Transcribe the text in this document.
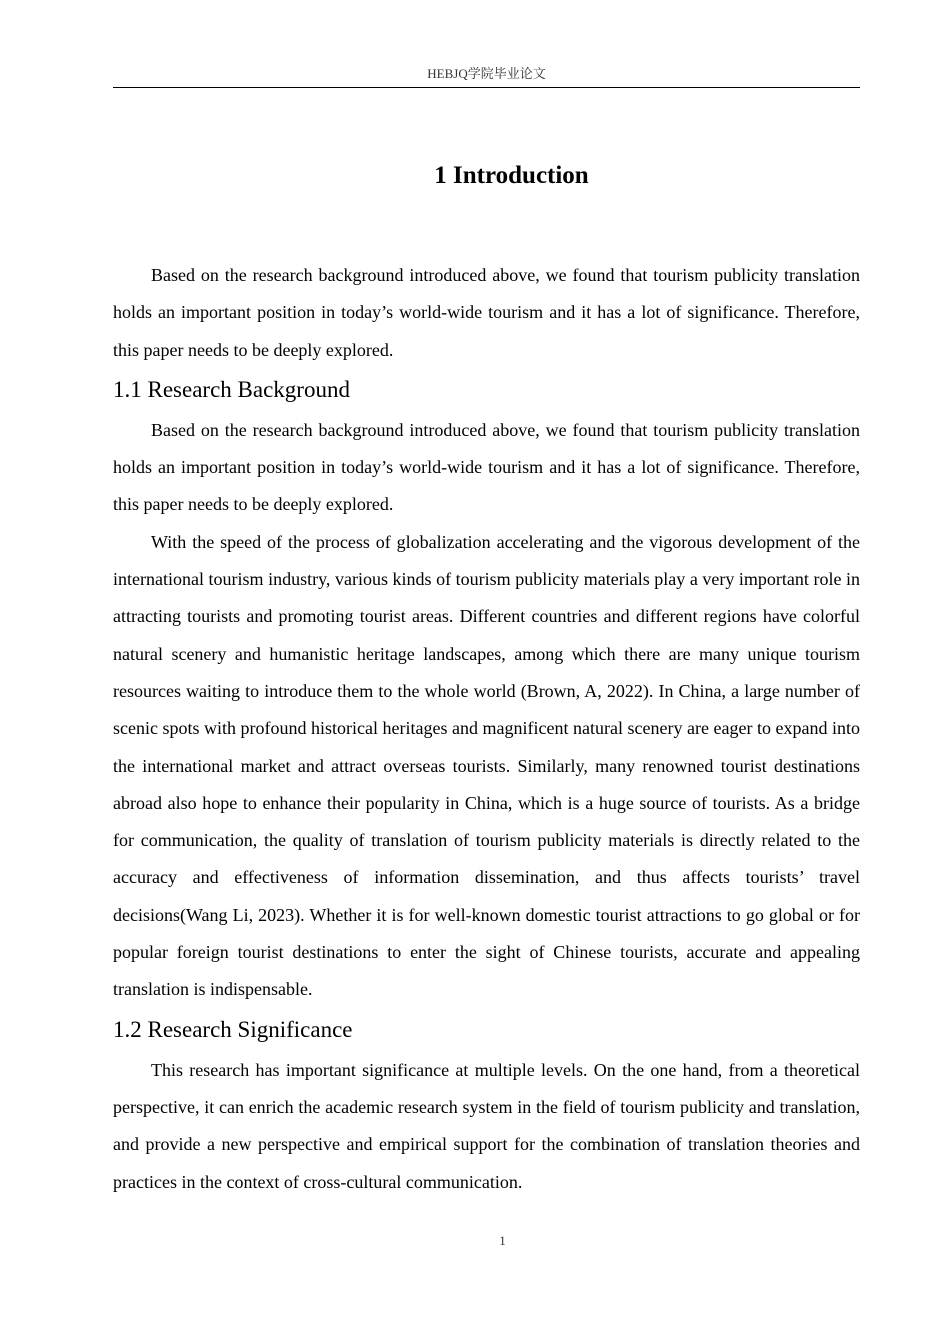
HEBJQ学院毕业论文
1 Introduction

Based on the research background introduced above, we found that tourism publicity translation holds an important position in today’s world-wide tourism and it has a lot of significance. Therefore, this paper needs to be deeply explored.

1.1 Research Background

Based on the research background introduced above, we found that tourism publicity translation holds an important position in today’s world-wide tourism and it has a lot of significance. Therefore, this paper needs to be deeply explored.

With the speed of the process of globalization accelerating and the vigorous development of the international tourism industry, various kinds of tourism publicity materials play a very important role in attracting tourists and promoting tourist areas. Different countries and different regions have colorful natural scenery and humanistic heritage landscapes, among which there are many unique tourism resources waiting to introduce them to the whole world (Brown, A, 2022). In China, a large number of scenic spots with profound historical heritages and magnificent natural scenery are eager to expand into the international market and attract overseas tourists. Similarly, many renowned tourist destinations abroad also hope to enhance their popularity in China, which is a huge source of tourists. As a bridge for communication, the quality of translation of tourism publicity materials is directly related to the accuracy and effectiveness of information dissemination, and thus affects tourists’ travel decisions(Wang Li, 2023). Whether it is for well-known domestic tourist attractions to go global or for popular foreign tourist destinations to enter the sight of Chinese tourists, accurate and appealing translation is indispensable.

1.2 Research Significance

This research has important significance at multiple levels. On the one hand, from a theoretical perspective, it can enrich the academic research system in the field of tourism publicity and translation, and provide a new perspective and empirical support for the combination of translation theories and practices in the context of cross-cultural communication.

1
